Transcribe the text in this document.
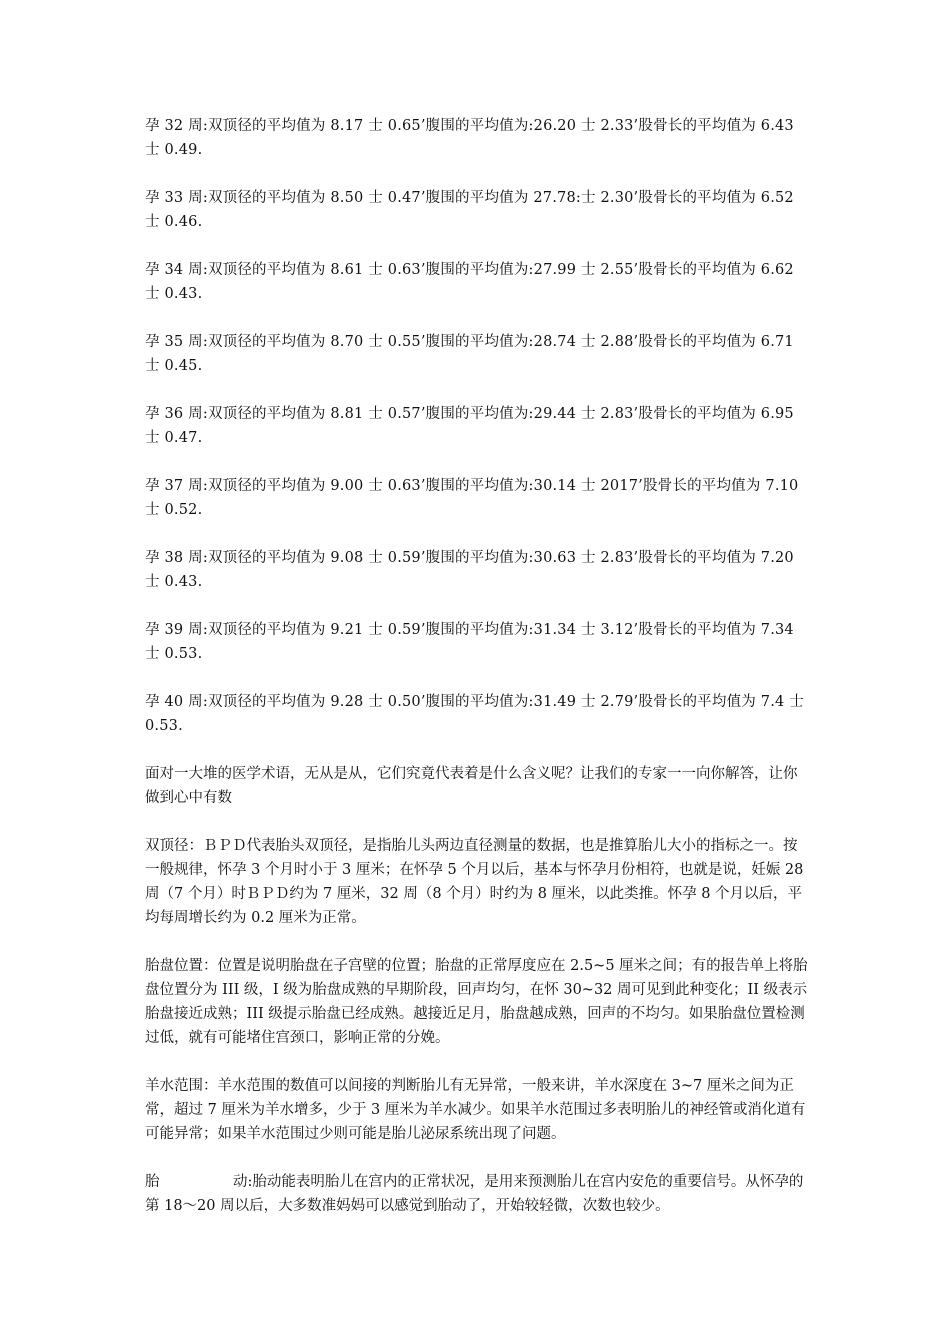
孕 32 周:双顶径的平均值为 8.17 士 0.65’腹围的平均值为:26.20 士 2.33’股骨长的平均值为 6.43 士 0.49.

孕 33 周:双顶径的平均值为 8.50 士 0.47’腹围的平均值为 27.78:士 2.30’股骨长的平均值为 6.52 士 0.46.

孕 34 周:双顶径的平均值为 8.61 士 0.63’腹围的平均值为:27.99 士 2.55’股骨长的平均值为 6.62 士 0.43.

孕 35 周:双顶径的平均值为 8.70 士 0.55’腹围的平均值为:28.74 士 2.88’股骨长的平均值为 6.71 士 0.45.

孕 36 周:双顶径的平均值为 8.81 士 0.57’腹围的平均值为:29.44 士 2.83’股骨长的平均值为 6.95 士 0.47.

孕 37 周:双顶径的平均值为 9.00 士 0.63’腹围的平均值为:30.14 士 2017’股骨长的平均值为 7.10 士 0.52.

孕 38 周:双顶径的平均值为 9.08 士 0.59’腹围的平均值为:30.63 士 2.83’股骨长的平均值为 7.20 士 0.43.

孕 39 周:双顶径的平均值为 9.21 士 0.59’腹围的平均值为:31.34 士 3.12’股骨长的平均值为 7.34 士 0.53.

孕 40 周:双顶径的平均值为 9.28 士 0.50’腹围的平均值为:31.49 士 2.79’股骨长的平均值为 7.4 士 0.53.

面对一大堆的医学术语，无从是从，它们究竟代表着是什么含义呢？让我们的专家一一向你解答，让你做到心中有数

双顶径：ＢＰＤ代表胎头双顶径，是指胎儿头两边直径测量的数据，也是推算胎儿大小的指标之一。按一般规律，怀孕 3 个月时小于 3 厘米；在怀孕 5 个月以后，基本与怀孕月份相符，也就是说，妊娠 28 周（7 个月）时ＢＰＤ约为 7 厘米，32 周（8 个月）时约为 8 厘米，以此类推。怀孕 8 个月以后，平均每周增长约为 0.2 厘米为正常。

胎盘位置：位置是说明胎盘在子宫壁的位置；胎盘的正常厚度应在 2.5~5 厘米之间；有的报告单上将胎盘位置分为 III 级，I 级为胎盘成熟的早期阶段，回声均匀，在怀 30~32 周可见到此种变化；II 级表示胎盘接近成熟；III 级提示胎盘已经成熟。越接近足月，胎盘越成熟，回声的不均匀。如果胎盘位置检测过低，就有可能堵住宫颈口，影响正常的分娩。

羊水范围：羊水范围的数值可以间接的判断胎儿有无异常，一般来讲，羊水深度在 3~7 厘米之间为正常，超过 7 厘米为羊水增多，少于 3 厘米为羊水减少。如果羊水范围过多表明胎儿的神经管或消化道有可能异常；如果羊水范围过少则可能是胎儿泌尿系统出现了问题。

胎	动:胎动能表明胎儿在宫内的正常状况，是用来预测胎儿在宫内安危的重要信号。从怀孕的第 18～20 周以后，大多数准妈妈可以感觉到胎动了，开始较轻微，次数也较少。
